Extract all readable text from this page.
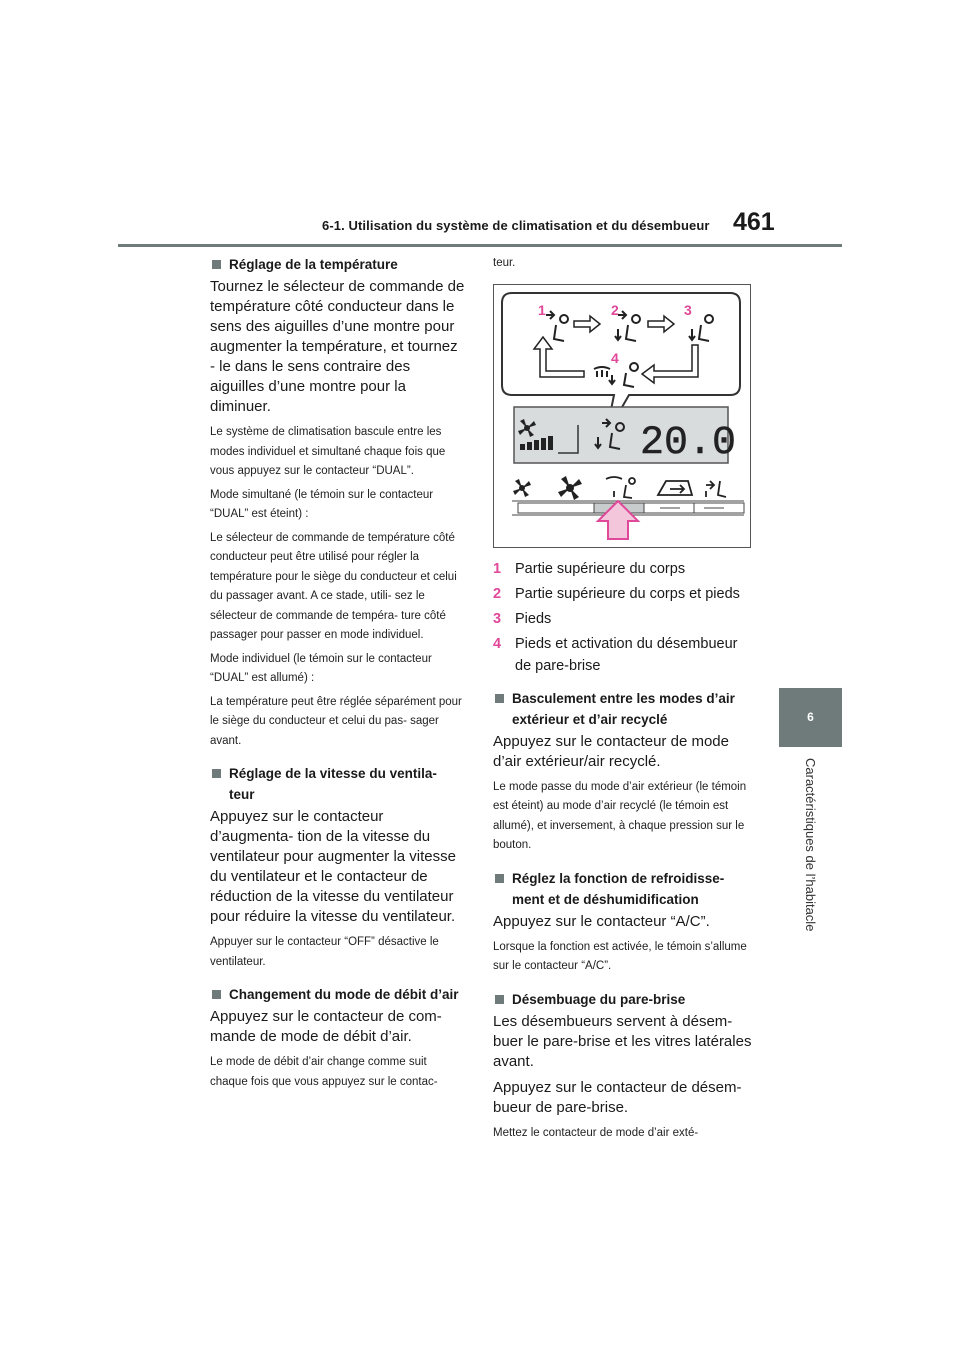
6-1. Utilisation du système de climatisation et du désembueur 461
6
Caractéristiques de l’habitacle
Réglage de la température

Tournez le sélecteur de commande de température côté conducteur dans le sens des aiguilles d’une montre pour augmenter la température, et tournez - le dans le sens contraire des aiguilles d’une montre pour la diminuer.

Le système de climatisation bascule entre les modes individuel et simultané chaque fois que vous appuyez sur le contacteur “DUAL”.

Mode simultané (le témoin sur le contacteur “DUAL” est éteint) :

Le sélecteur de commande de température côté conducteur peut être utilisé pour régler la température pour le siège du conducteur et celui du passager avant. A ce stade, utili- sez le sélecteur de commande de tempéra- ture côté passager pour passer en mode individuel.

Mode individuel (le témoin sur le contacteur “DUAL” est allumé) :

La température peut être réglée séparément pour le siège du conducteur et celui du pas- sager avant.

Réglage de la vitesse du ventila- teur

Appuyez sur le contacteur d’augmenta- tion de la vitesse du ventilateur pour augmenter la vitesse du ventilateur et le contacteur de réduction de la vitesse du ventilateur pour réduire la vitesse du ventilateur.

Appuyer sur le contacteur “OFF” désactive le ventilateur.

Changement du mode de débit d’air

Appuyez sur le contacteur de com- mande de mode de débit d’air.

Le mode de débit d’air change comme suit chaque fois que vous appuyez sur le contac-

teur.

1	2	3
4
20.0
1 Partie supérieure du corps
2 Partie supérieure du corps et pieds
3 Pieds
4 Pieds et activation du désembueur de pare-brise
Basculement entre les modes d’air extérieur et d’air recyclé

Appuyez sur le contacteur de mode d’air extérieur/air recyclé.

Le mode passe du mode d’air extérieur (le témoin est éteint) au mode d’air recyclé (le témoin est allumé), et inversement, à chaque pression sur le bouton.

Réglez la fonction de refroidisse- ment et de déshumidification

Appuyez sur le contacteur “A/C”.

Lorsque la fonction est activée, le témoin s’allume sur le contacteur “A/C”.

Désembuage du pare-brise

Les désembueurs servent à désem- buer le pare-brise et les vitres latérales avant.

Appuyez sur le contacteur de désem- bueur de pare-brise.

Mettez le contacteur de mode d’air exté-
